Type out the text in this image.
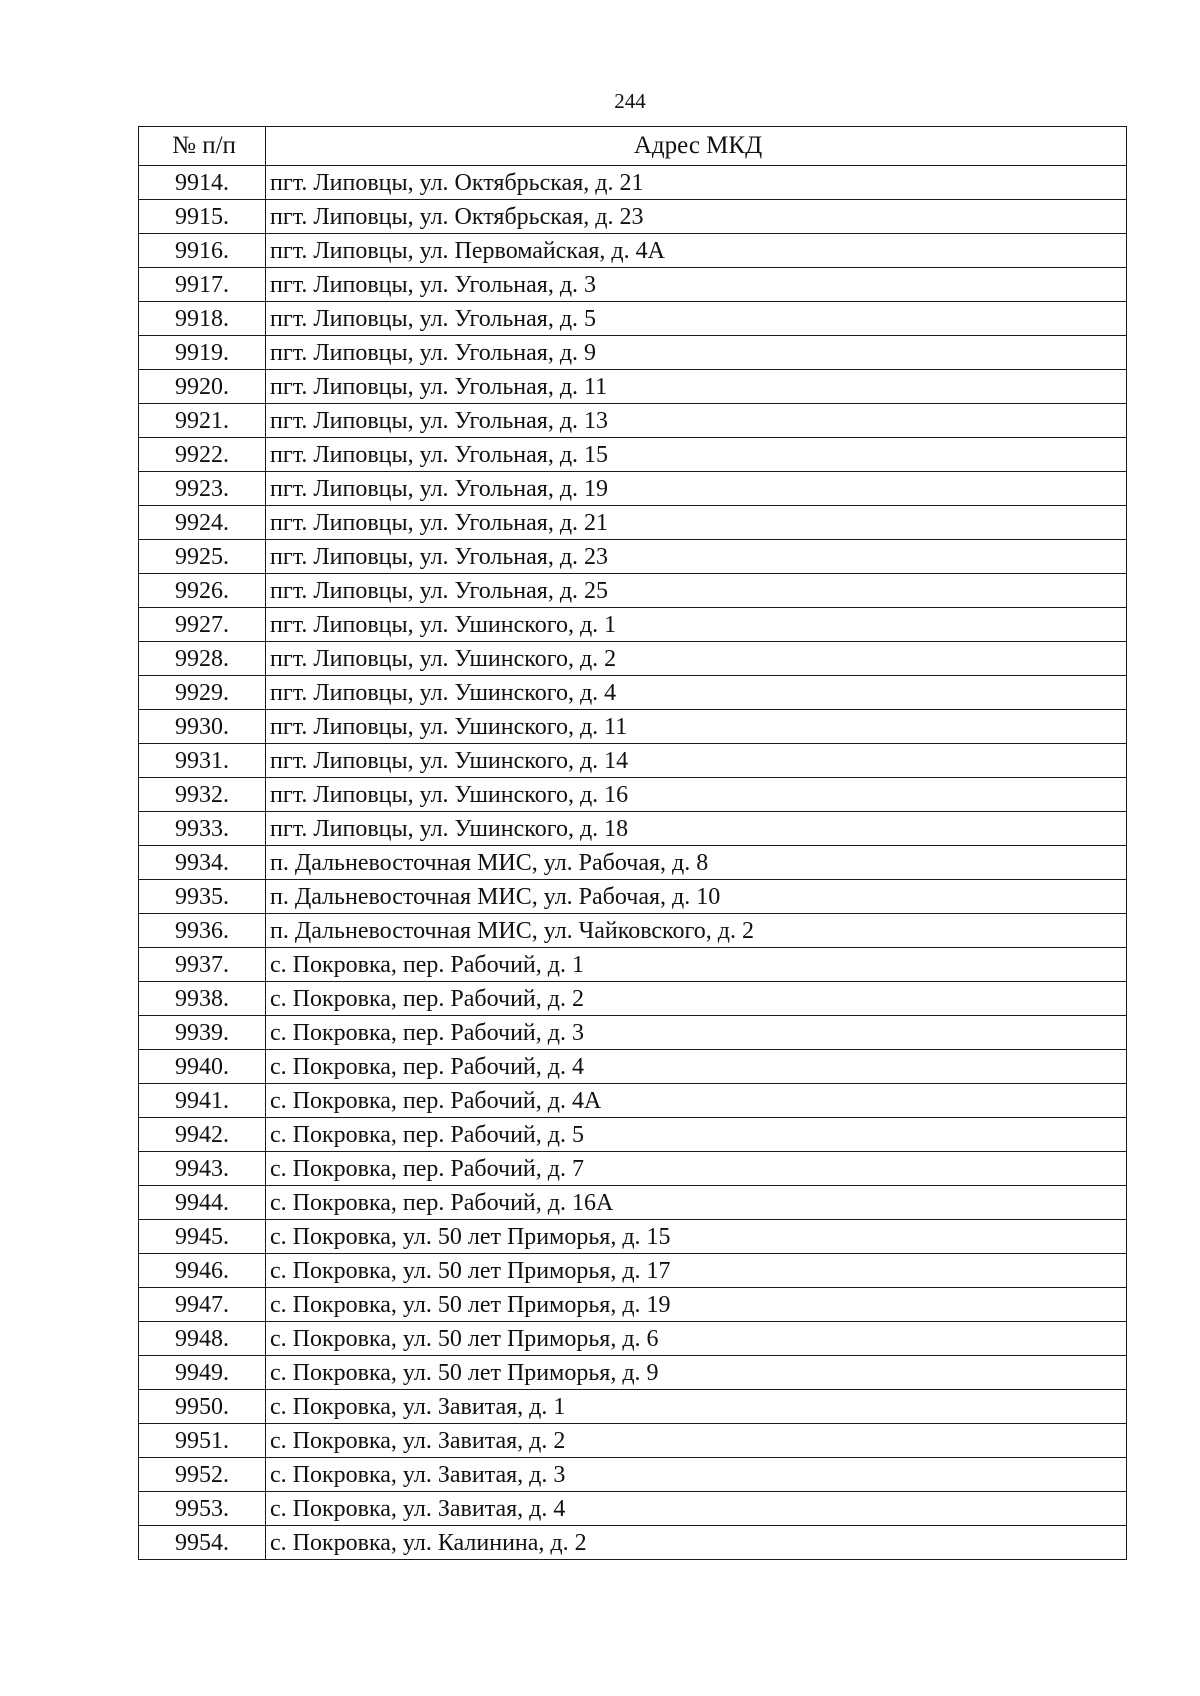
244
№ п/п	Адрес МКД
9914.	пгт. Липовцы, ул. Октябрьская, д. 21
9915.	пгт. Липовцы, ул. Октябрьская, д. 23
9916.	пгт. Липовцы, ул. Первомайская, д. 4А
9917.	пгт. Липовцы, ул. Угольная, д. 3
9918.	пгт. Липовцы, ул. Угольная, д. 5
9919.	пгт. Липовцы, ул. Угольная, д. 9
9920.	пгт. Липовцы, ул. Угольная, д. 11
9921.	пгт. Липовцы, ул. Угольная, д. 13
9922.	пгт. Липовцы, ул. Угольная, д. 15
9923.	пгт. Липовцы, ул. Угольная, д. 19
9924.	пгт. Липовцы, ул. Угольная, д. 21
9925.	пгт. Липовцы, ул. Угольная, д. 23
9926.	пгт. Липовцы, ул. Угольная, д. 25
9927.	пгт. Липовцы, ул. Ушинского, д. 1
9928.	пгт. Липовцы, ул. Ушинского, д. 2
9929.	пгт. Липовцы, ул. Ушинского, д. 4
9930.	пгт. Липовцы, ул. Ушинского, д. 11
9931.	пгт. Липовцы, ул. Ушинского, д. 14
9932.	пгт. Липовцы, ул. Ушинского, д. 16
9933.	пгт. Липовцы, ул. Ушинского, д. 18
9934.	п. Дальневосточная МИС, ул. Рабочая, д. 8
9935.	п. Дальневосточная МИС, ул. Рабочая, д. 10
9936.	п. Дальневосточная МИС, ул. Чайковского, д. 2
9937.	с. Покровка, пер. Рабочий, д. 1
9938.	с. Покровка, пер. Рабочий, д. 2
9939.	с. Покровка, пер. Рабочий, д. 3
9940.	с. Покровка, пер. Рабочий, д. 4
9941.	с. Покровка, пер. Рабочий, д. 4А
9942.	с. Покровка, пер. Рабочий, д. 5
9943.	с. Покровка, пер. Рабочий, д. 7
9944.	с. Покровка, пер. Рабочий, д. 16А
9945.	с. Покровка, ул. 50 лет Приморья, д. 15
9946.	с. Покровка, ул. 50 лет Приморья, д. 17
9947.	с. Покровка, ул. 50 лет Приморья, д. 19
9948.	с. Покровка, ул. 50 лет Приморья, д. 6
9949.	с. Покровка, ул. 50 лет Приморья, д. 9
9950.	с. Покровка, ул. Завитая, д. 1
9951.	с. Покровка, ул. Завитая, д. 2
9952.	с. Покровка, ул. Завитая, д. 3
9953.	с. Покровка, ул. Завитая, д. 4
9954.	с. Покровка, ул. Калинина, д. 2
